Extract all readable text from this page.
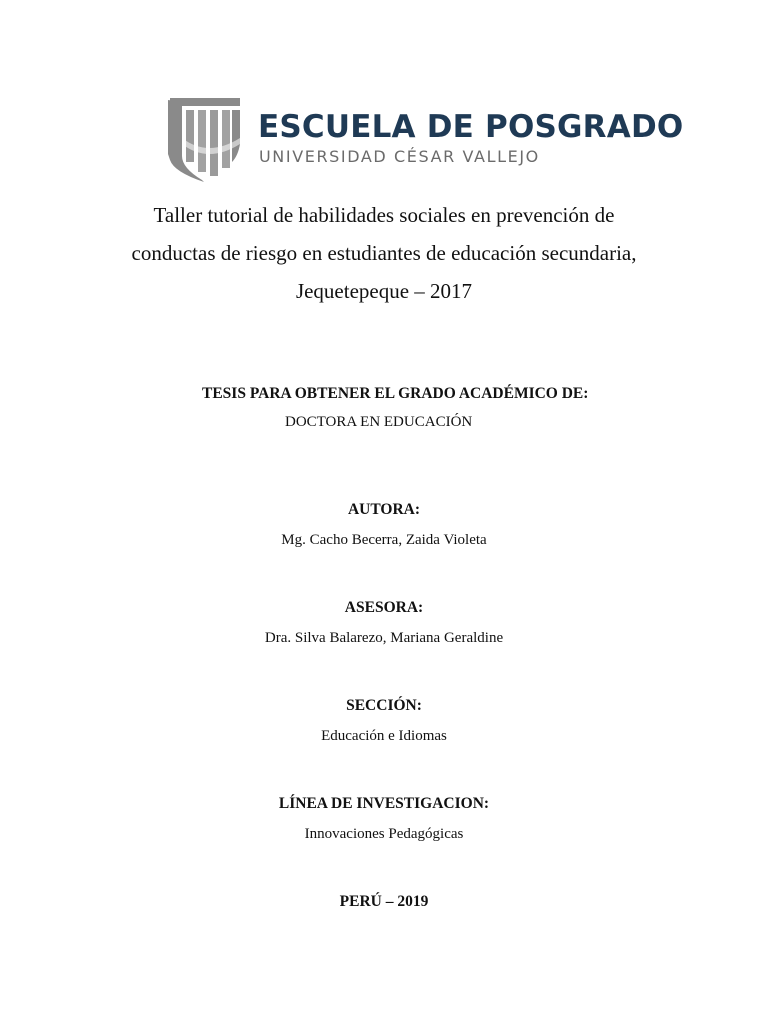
ESCUELA DE POSGRADO
UNIVERSIDAD CÉSAR VALLEJO
Taller tutorial de habilidades sociales en prevención de
conductas de riesgo en estudiantes de educación secundaria,
Jequetepeque – 2017
TESIS PARA OBTENER EL GRADO ACADÉMICO DE:
DOCTORA EN EDUCACIÓN
AUTORA:
Mg. Cacho Becerra, Zaida Violeta
ASESORA:
Dra. Silva Balarezo, Mariana Geraldine
SECCIÓN:
Educación e Idiomas
LÍNEA DE INVESTIGACION:
Innovaciones Pedagógicas
PERÚ – 2019
